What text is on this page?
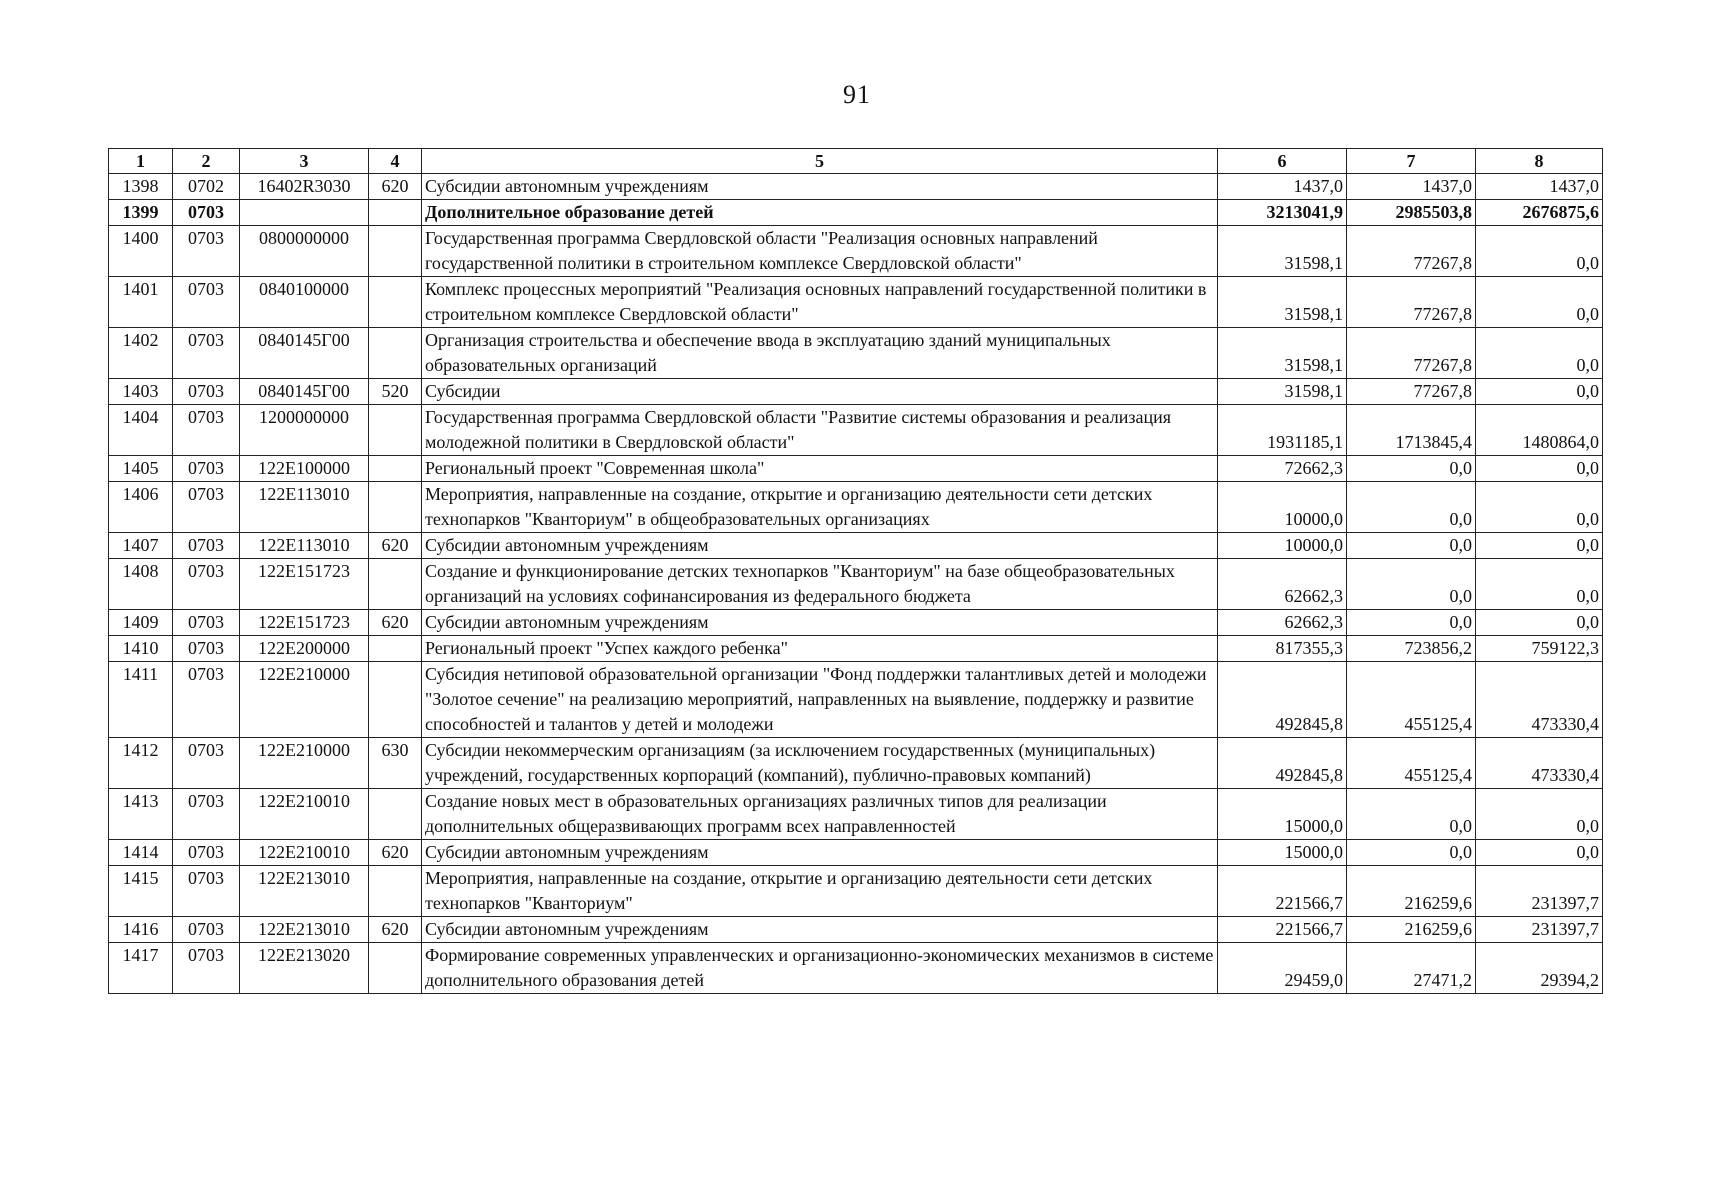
91
1	2	3	4	5	6	7	8
1398	0702	16402R3030	620	Субсидии автономным учреждениям	1437,0	1437,0	1437,0
1399	0703			Дополнительное образование детей	3213041,9	2985503,8	2676875,6
1400	0703	0800000000		Государственная программа Свердловской области "Реализация основных направлений государственной политики в строительном комплексе Свердловской области"	31598,1	77267,8	0,0
1401	0703	0840100000		Комплекс процессных мероприятий "Реализация основных направлений государственной политики в строительном комплексе Свердловской области"	31598,1	77267,8	0,0
1402	0703	0840145Г00		Организация строительства и обеспечение ввода в эксплуатацию зданий муниципальных образовательных организаций	31598,1	77267,8	0,0
1403	0703	0840145Г00	520	Субсидии	31598,1	77267,8	0,0
1404	0703	1200000000		Государственная программа Свердловской области "Развитие системы образования и реализация молодежной политики в Свердловской области"	1931185,1	1713845,4	1480864,0
1405	0703	122Е100000		Региональный проект "Современная школа"	72662,3	0,0	0,0
1406	0703	122Е113010		Мероприятия, направленные на создание, открытие и организацию деятельности сети детских технопарков "Кванториум" в общеобразовательных организациях	10000,0	0,0	0,0
1407	0703	122Е113010	620	Субсидии автономным учреждениям	10000,0	0,0	0,0
1408	0703	122Е151723		Создание и функционирование детских технопарков "Кванториум" на базе общеобразовательных организаций на условиях софинансирования из федерального бюджета	62662,3	0,0	0,0
1409	0703	122Е151723	620	Субсидии автономным учреждениям	62662,3	0,0	0,0
1410	0703	122Е200000		Региональный проект "Успех каждого ребенка"	817355,3	723856,2	759122,3
1411	0703	122Е210000		Субсидия нетиповой образовательной организации "Фонд поддержки талантливых детей и молодежи "Золотое сечение" на реализацию мероприятий, направленных на выявление, поддержку и развитие способностей и талантов у детей и молодежи	492845,8	455125,4	473330,4
1412	0703	122Е210000	630	Субсидии некоммерческим организациям (за исключением государственных (муниципальных) учреждений, государственных корпораций (компаний), публично-правовых компаний)	492845,8	455125,4	473330,4
1413	0703	122Е210010		Создание новых мест в образовательных организациях различных типов для реализации дополнительных общеразвивающих программ всех направленностей	15000,0	0,0	0,0
1414	0703	122Е210010	620	Субсидии автономным учреждениям	15000,0	0,0	0,0
1415	0703	122Е213010		Мероприятия, направленные на создание, открытие и организацию деятельности сети детских технопарков "Кванториум"	221566,7	216259,6	231397,7
1416	0703	122Е213010	620	Субсидии автономным учреждениям	221566,7	216259,6	231397,7
1417	0703	122Е213020		Формирование современных управленческих и организационно-экономических механизмов в системе дополнительного образования детей	29459,0	27471,2	29394,2
